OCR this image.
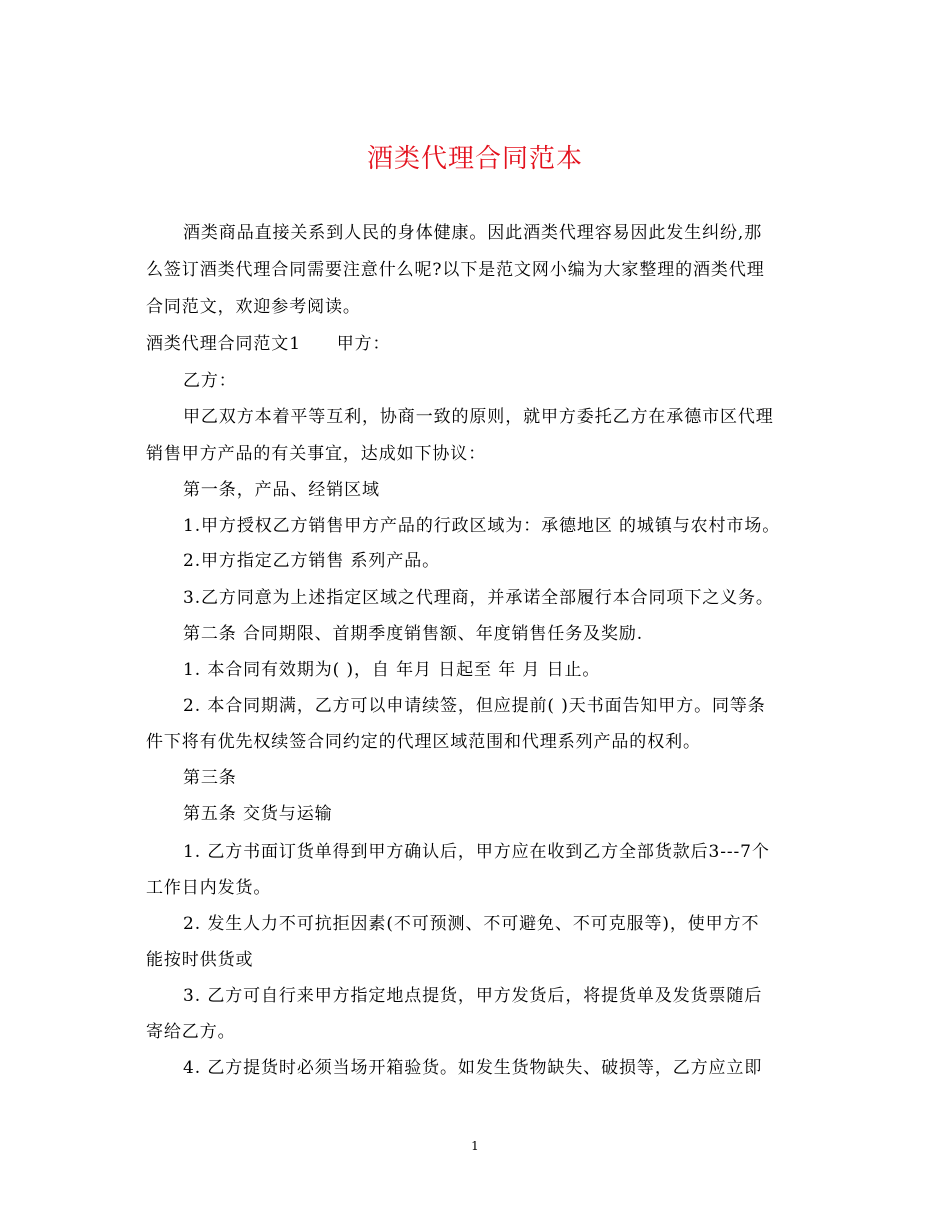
酒类代理合同范本
酒类商品直接关系到人民的身体健康。因此酒类代理容易因此发生纠纷,那
么签订酒类代理合同需要注意什么呢?以下是范文网小编为大家整理的酒类代理
合同范文，欢迎参考阅读。
酒类代理合同范文1　　甲方：
乙方：
甲乙双方本着平等互利，协商一致的原则，就甲方委托乙方在承德市区代理
销售甲方产品的有关事宜，达成如下协议：
第一条，产品、经销区域
1.甲方授权乙方销售甲方产品的行政区域为：承德地区 的城镇与农村市场。
2.甲方指定乙方销售 系列产品。
3.乙方同意为上述指定区域之代理商，并承诺全部履行本合同项下之义务。
第二条 合同期限、首期季度销售额、年度销售任务及奖励.
1. 本合同有效期为( )，自 年月 日起至 年 月 日止。
2. 本合同期满，乙方可以申请续签，但应提前( )天书面告知甲方。同等条
件下将有优先权续签合同约定的代理区域范围和代理系列产品的权利。
第三条
第五条 交货与运输
1. 乙方书面订货单得到甲方确认后，甲方应在收到乙方全部货款后3---7个
工作日内发货。
2. 发生人力不可抗拒因素(不可预测、不可避免、不可克服等)，使甲方不
能按时供货或
3. 乙方可自行来甲方指定地点提货，甲方发货后，将提货单及发货票随后
寄给乙方。
4. 乙方提货时必须当场开箱验货。如发生货物缺失、破损等，乙方应立即
1
